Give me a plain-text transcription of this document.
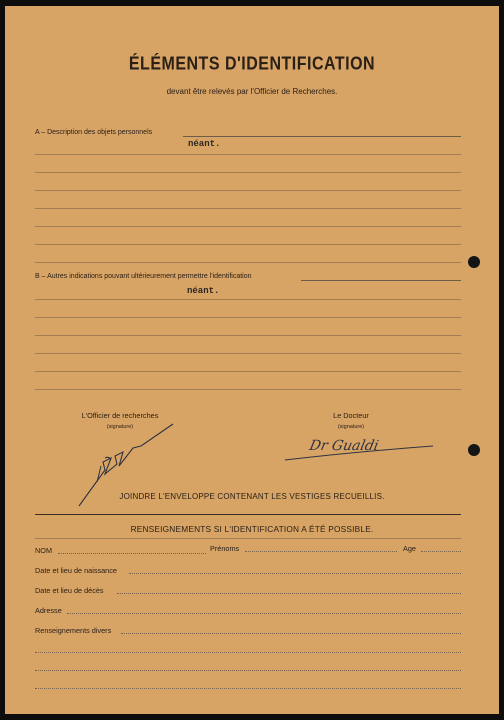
ÉLÉMENTS D'IDENTIFICATION
devant être relevés par l'Officier de Recherches.
A – Description des objets personnels
néant.
B – Autres indications pouvant ultérieurement permettre l'identification
néant.
L'Officier de recherches
(signature)
Le Docteur
(signature)
Dr Gualdi
JOINDRE L'ENVELOPPE CONTENANT LES VESTIGES RECUEILLIS.
RENSEIGNEMENTS SI L'IDENTIFICATION A ÉTÉ POSSIBLE.
NOM	Prénoms	Age
Date et lieu de naissance
Date et lieu de décès
Adresse
Renseignements divers
